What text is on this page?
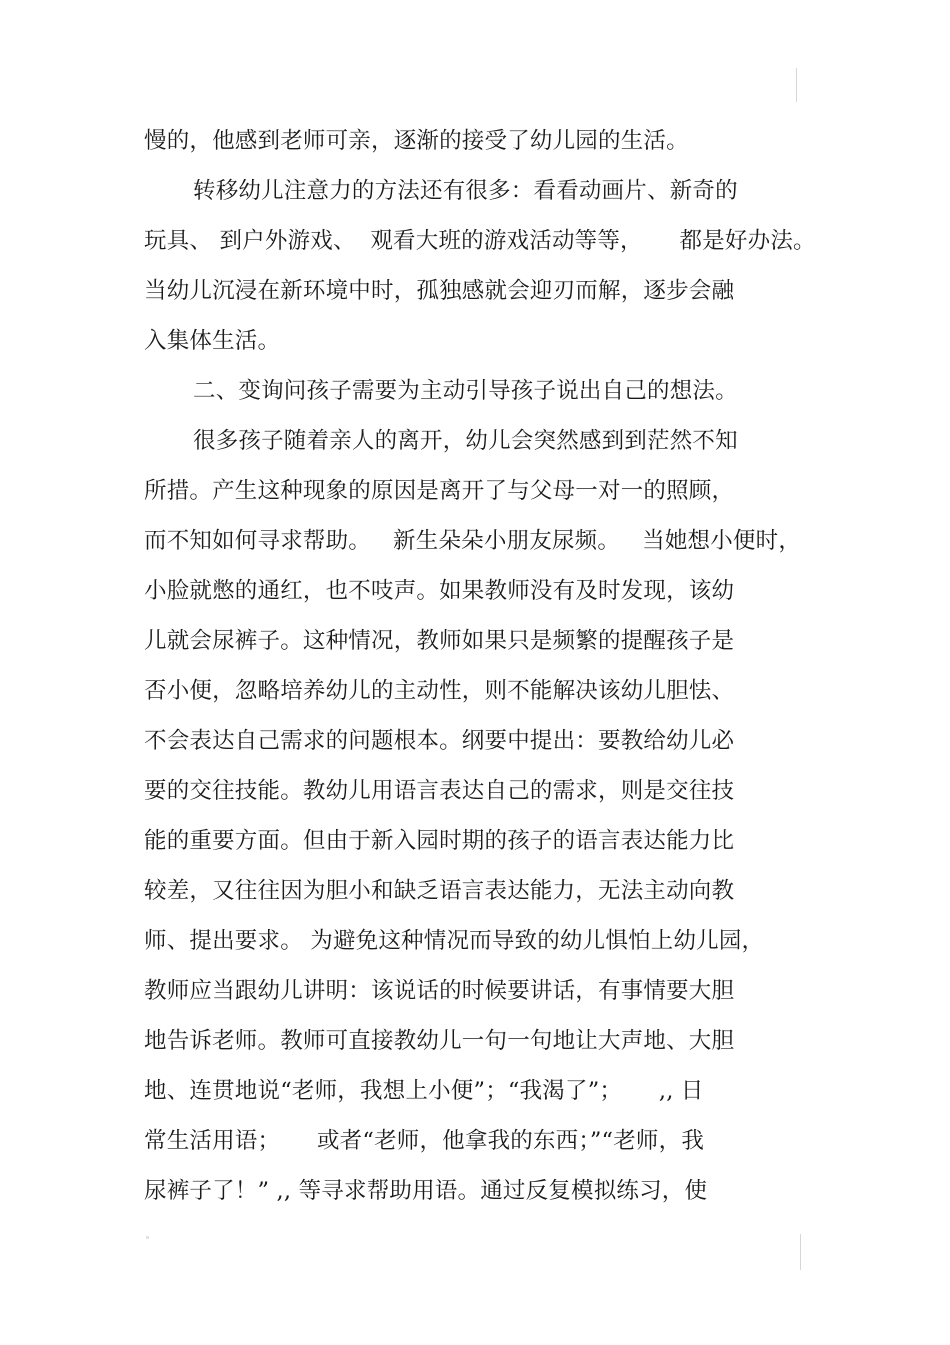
慢的，他感到老师可亲，逐渐的接受了幼儿园的生活。
转移幼儿注意力的方法还有很多：看看动画片、新奇的
玩具、 到户外游戏、  观看大班的游戏活动等等，     都是好办法。
当幼儿沉浸在新环境中时，孤独感就会迎刃而解，逐步会融
入集体生活。
二、变询问孩子需要为主动引导孩子说出自己的想法。
很多孩子随着亲人的离开，幼儿会突然感到到茫然不知
所措。产生这种现象的原因是离开了与父母一对一的照顾，
而不知如何寻求帮助。   新生朵朵小朋友尿频。   当她想小便时，
小脸就憋的通红，也不吱声。如果教师没有及时发现，该幼
儿就会尿裤子。这种情况，教师如果只是频繁的提醒孩子是
否小便，忽略培养幼儿的主动性，则不能解决该幼儿胆怯、
不会表达自己需求的问题根本。纲要中提出：要教给幼儿必
要的交往技能。教幼儿用语言表达自己的需求，则是交往技
能的重要方面。但由于新入园时期的孩子的语言表达能力比
较差，又往往因为胆小和缺乏语言表达能力，无法主动向教
师、提出要求。 为避免这种情况而导致的幼儿惧怕上幼儿园，
教师应当跟幼儿讲明：该说话的时候要讲话，有事情要大胆
地告诉老师。教师可直接教幼儿一句一句地让大声地、大胆
地、连贯地说“老师，我想上小便”；“我渴了”；     ,, 日
常生活用语；     或者“老师，他拿我的东西；”“老师，我
尿裤子了！” ,, 等寻求帮助用语。通过反复模拟练习，使
